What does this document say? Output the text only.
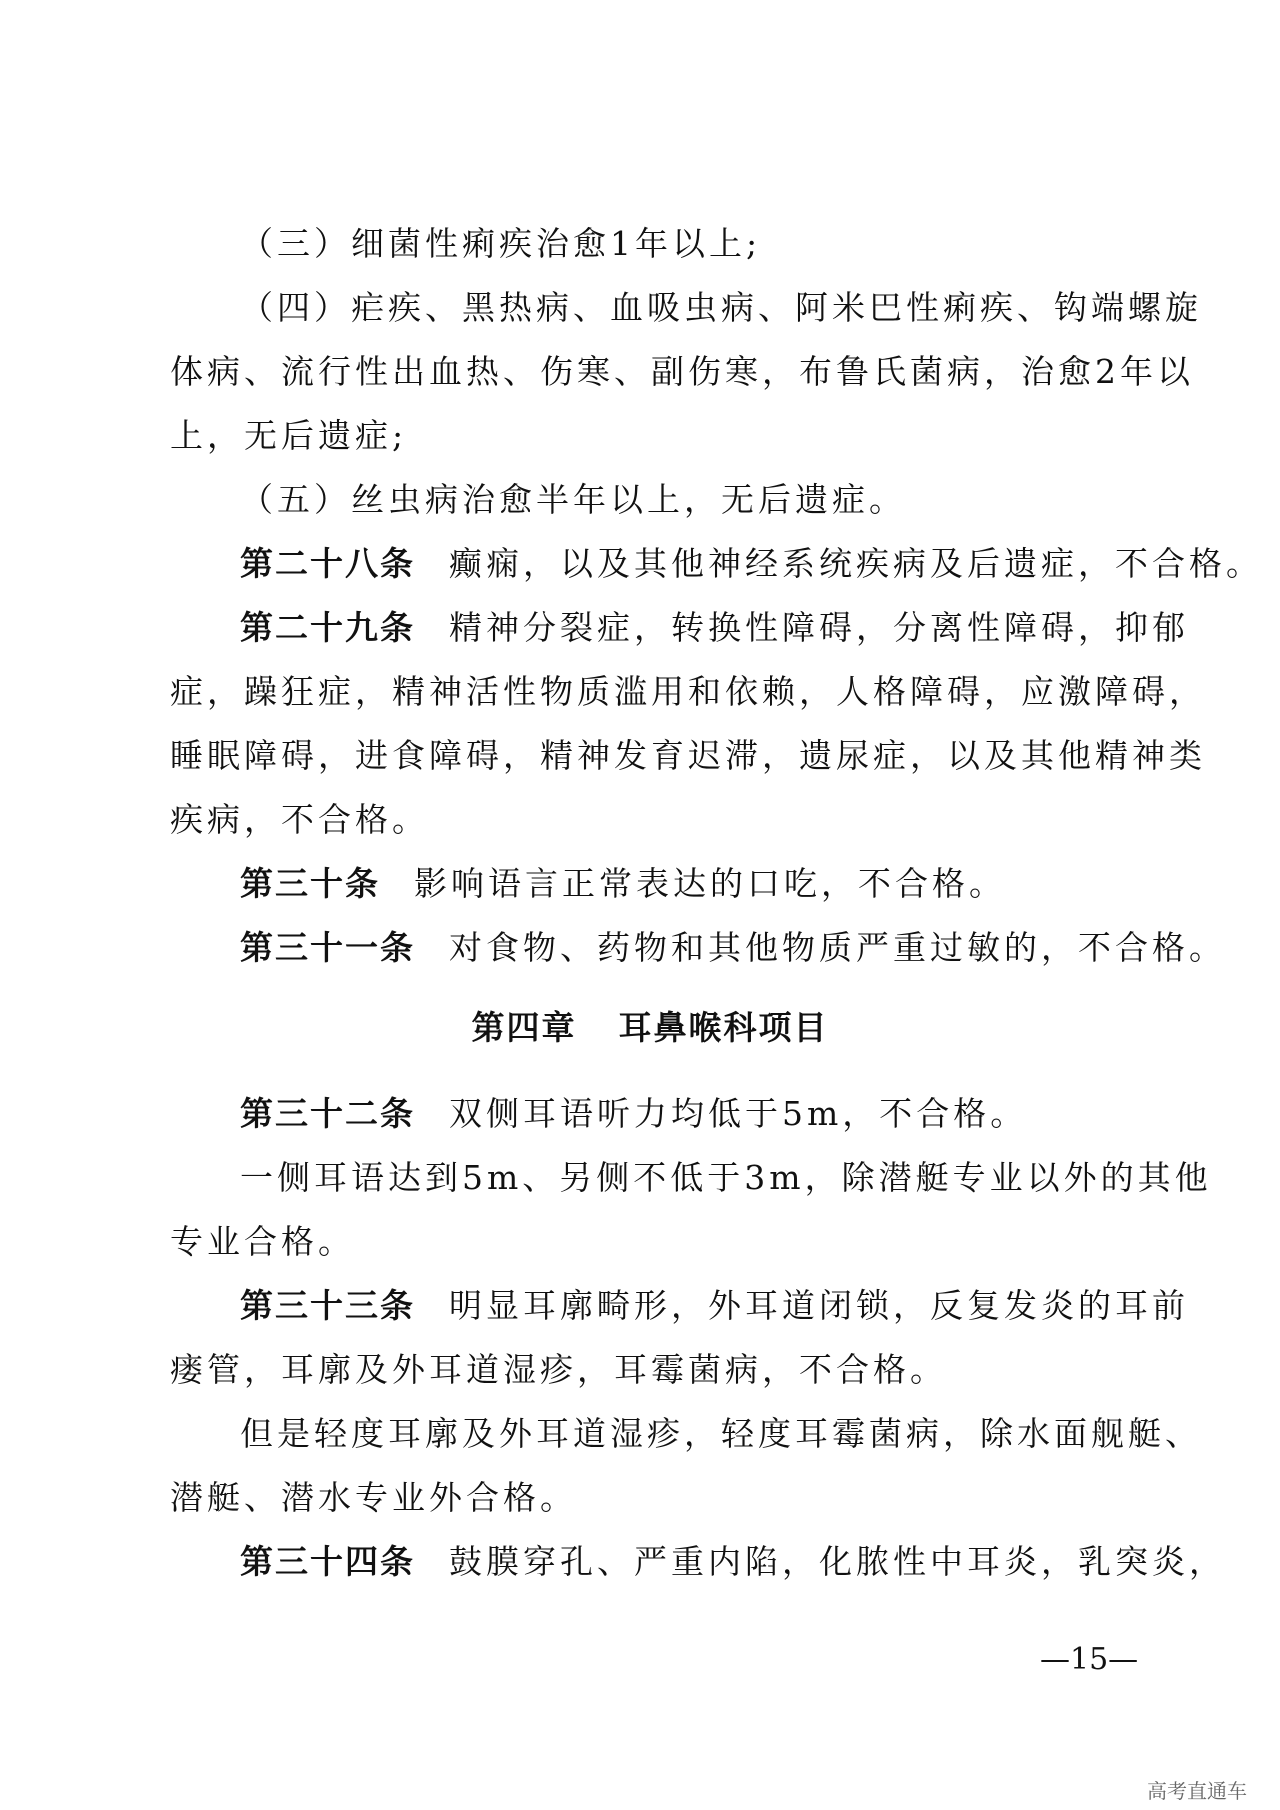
（三）细菌性痢疾治愈1年以上;
（四）疟疾、黑热病、血吸虫病、阿米巴性痢疾、钩端螺旋
体病、流行性出血热、伤寒、副伤寒，布鲁氏菌病，治愈2年以
上，无后遗症;
（五）丝虫病治愈半年以上，无后遗症。
第二十八条 癫痫，以及其他神经系统疾病及后遗症，不合格。
第二十九条 精神分裂症，转换性障碍，分离性障碍，抑郁
症，躁狂症，精神活性物质滥用和依赖，人格障碍，应激障碍，
睡眠障碍，进食障碍，精神发育迟滞，遗尿症，以及其他精神类
疾病，不合格。
第三十条 影响语言正常表达的口吃，不合格。
第三十一条 对食物、药物和其他物质严重过敏的，不合格。
第四章 耳鼻喉科项目
第三十二条 双侧耳语听力均低于5m，不合格。
一侧耳语达到5m、另侧不低于3m，除潜艇专业以外的其他
专业合格。
第三十三条 明显耳廓畸形，外耳道闭锁，反复发炎的耳前
瘘管，耳廓及外耳道湿疹，耳霉菌病，不合格。
但是轻度耳廓及外耳道湿疹，轻度耳霉菌病，除水面舰艇、
潜艇、潜水专业外合格。
第三十四条 鼓膜穿孔、严重内陷，化脓性中耳炎，乳突炎，
—15—
高考直通车
